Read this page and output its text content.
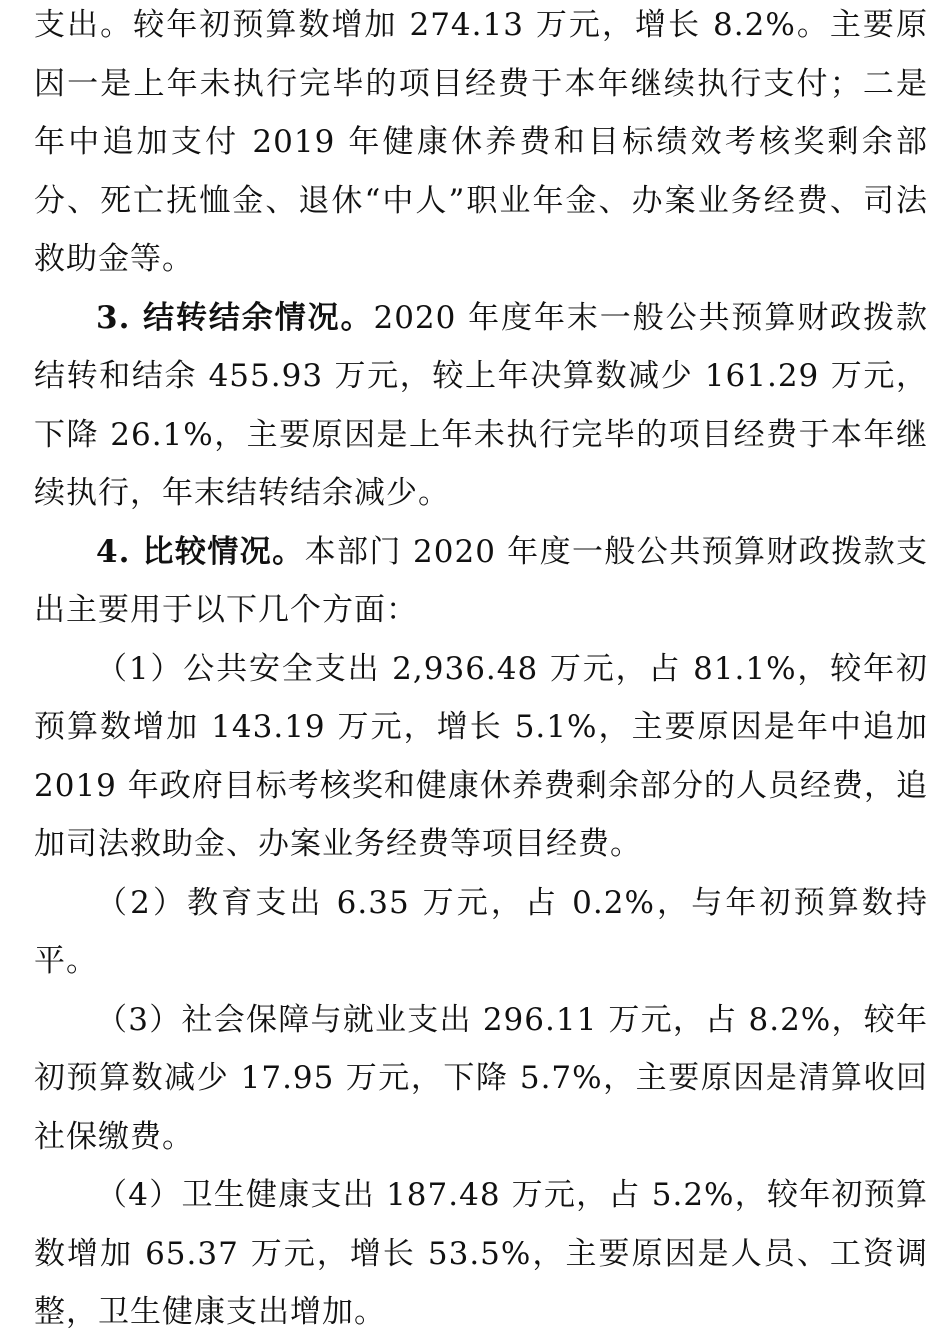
支出。较年初预算数增加 274.13 万元，增长 8.2%。主要原因一是上年未执行完毕的项目经费于本年继续执行支付；二是年中追加支付 2019 年健康休养费和目标绩效考核奖剩余部分、死亡抚恤金、退休“中人”职业年金、办案业务经费、司法救助金等。

3. 结转结余情况。2020 年度年末一般公共预算财政拨款结转和结余 455.93 万元，较上年决算数减少 161.29 万元，下降 26.1%，主要原因是上年未执行完毕的项目经费于本年继续执行，年末结转结余减少。

4. 比较情况。本部门 2020 年度一般公共预算财政拨款支出主要用于以下几个方面：

（1）公共安全支出 2,936.48 万元，占 81.1%，较年初预算数增加 143.19 万元，增长 5.1%，主要原因是年中追加 2019 年政府目标考核奖和健康休养费剩余部分的人员经费，追加司法救助金、办案业务经费等项目经费。

（2）教育支出 6.35 万元，占 0.2%，与年初预算数持平。

（3）社会保障与就业支出 296.11 万元，占 8.2%，较年初预算数减少 17.95 万元，下降 5.7%，主要原因是清算收回社保缴费。

（4）卫生健康支出 187.48 万元，占 5.2%，较年初预算数增加 65.37 万元，增长 53.5%，主要原因是人员、工资调整，卫生健康支出增加。
